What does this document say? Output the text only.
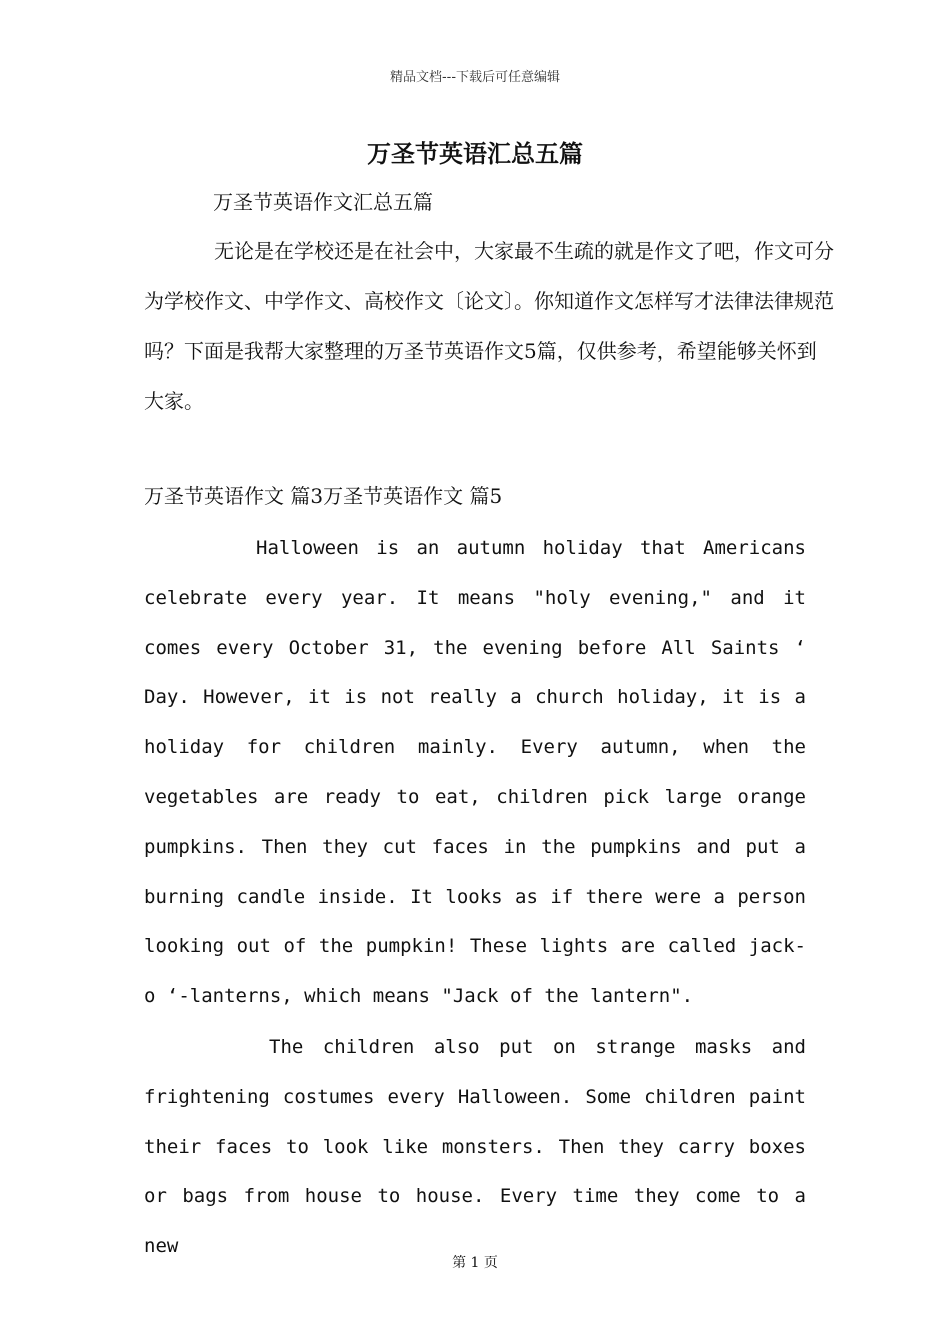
精品文档---下载后可任意编辑
万圣节英语汇总五篇
万圣节英语作文汇总五篇

无论是在学校还是在社会中，大家最不生疏的就是作文了吧，作文可分为学校作文、中学作文、高校作文〔论文〕。你知道作文怎样写才法律法律规范吗？下面是我帮大家整理的万圣节英语作文5篇，仅供参考，希望能够关怀到大家。

万圣节英语作文 篇3万圣节英语作文 篇5

Halloween is an autumn holiday that Americans celebrate every year. It means "holy evening," and it comes every October 31, the evening before All Saints ‘ Day. However, it is not really a church holiday, it is a holiday for children mainly. Every autumn, when the vegetables are ready to eat, children pick large orange pumpkins. Then they cut faces in the pumpkins and put a burning candle inside. It looks as if there were a person looking out of the pumpkin! These lights are called jack-o ‘-lanterns, which means "Jack of the lantern".

The children also put on strange masks and frightening costumes every Halloween. Some children paint their faces to look like monsters. Then they carry boxes or bags from house to house. Every time they come to a new

第 1 页
